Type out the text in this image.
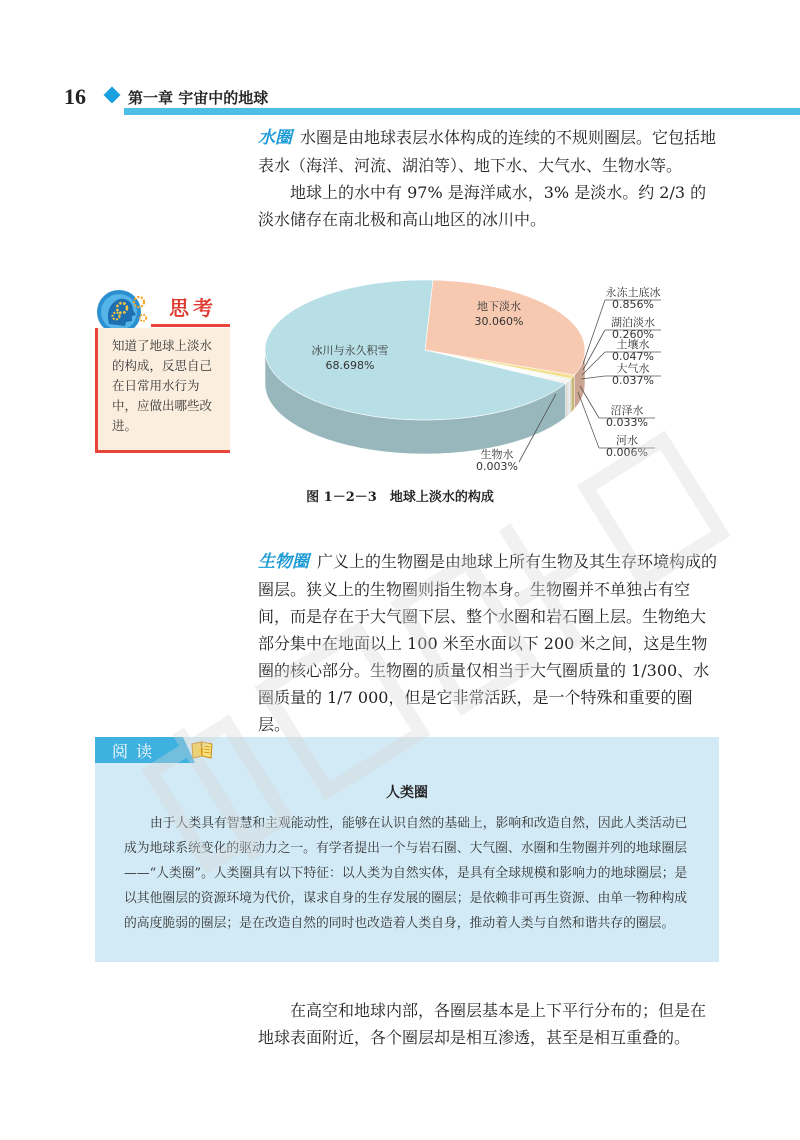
16	第一章 宇宙中的地球

水圈 水圈是由地球表层水体构成的连续的不规则圈层。它包括地表水（海洋、河流、湖泊等）、地下水、大气水、生物水等。

地球上的水中有 97% 是海洋咸水，3% 是淡水。约 2/3 的淡水储存在南北极和高山地区的冰川中。

思考
知道了地球上淡水的构成，反思自己在日常用水行为中，应做出哪些改进。
冰川与永久积雪
68.698%
地下淡水
30.060%
永冻土底冰
0.856%
湖泊淡水
0.260%
土壤水
0.047%
大气水
0.037%
沼泽水
0.033%
河水
0.006%
生物水
0.003%
图 1－2－3　地球上淡水的构成

生物圈 广义上的生物圈是由地球上所有生物及其生存环境构成的圈层。狭义上的生物圈则指生物本身。生物圈并不单独占有空间，而是存在于大气圈下层、整个水圈和岩石圈上层。生物绝大部分集中在地面以上 100 米至水面以下 200 米之间，这是生物圈的核心部分。生物圈的质量仅相当于大气圈质量的 1/300、水圈质量的 1/7 000，但是它非常活跃，是一个特殊和重要的圈层。

阅读
人类圈

由于人类具有智慧和主观能动性，能够在认识自然的基础上，影响和改造自然，因此人类活动已成为地球系统变化的驱动力之一。有学者提出一个与岩石圈、大气圈、水圈和生物圈并列的地球圈层——“人类圈”。人类圈具有以下特征：以人类为自然实体，是具有全球规模和影响力的地球圈层；是以其他圈层的资源环境为代价，谋求自身的生存发展的圈层；是依赖非可再生资源、由单一物种构成的高度脆弱的圈层；是在改造自然的同时也改造着人类自身，推动着人类与自然和谐共存的圈层。

在高空和地球内部，各圈层基本是上下平行分布的；但是在地球表面附近，各个圈层却是相互渗透，甚至是相互重叠的。
